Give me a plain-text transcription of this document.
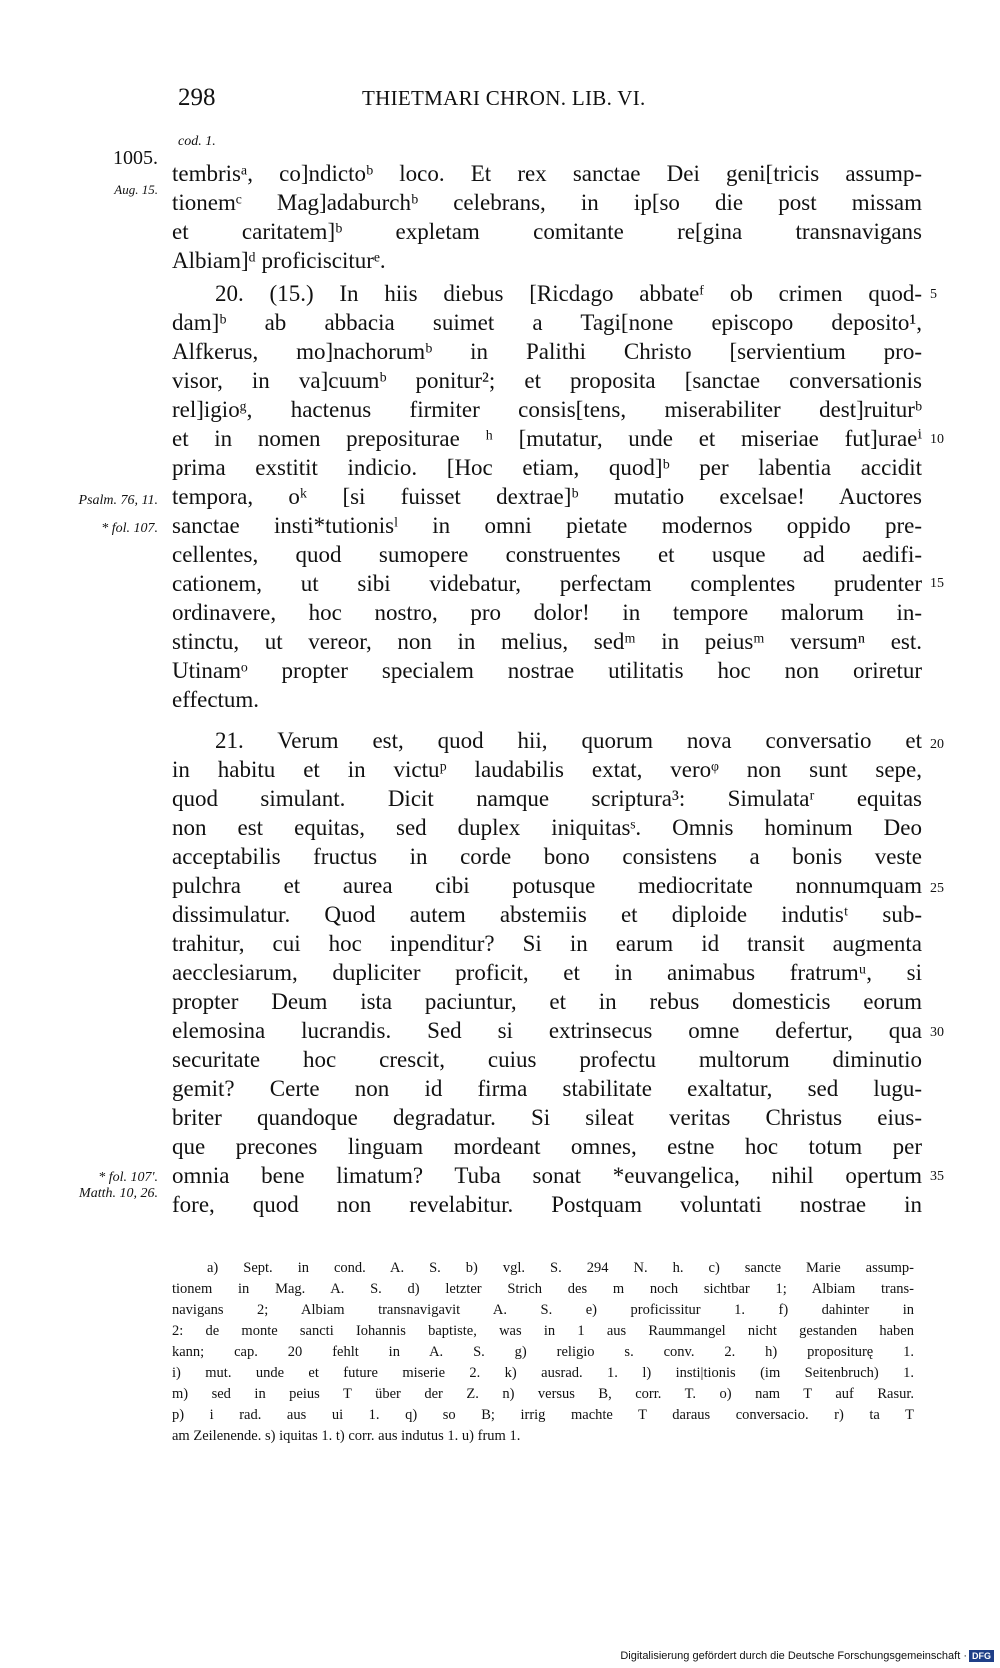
298	THIETMARI CHRON. LIB. VI.
cod. 1.
1005.
Aug. 15.
Psalm. 76, 11.
* fol. 107.
* fol. 107'.
Matth. 10, 26.
5
10
15
20
25
30
35
tembrisᵃ, co]ndictoᵇ loco. Et rex sanctae Dei geni[tricis assump-
tionemᶜ Mag]adaburchᵇ celebrans, in ip[so die post missam
et caritatem]ᵇ expletam comitante re[gina transnavigans
Albiam]ᵈ proficisciturᵉ.
20. (15.) In hiis diebus [Ricdago abbateᶠ ob crimen quod-
dam]ᵇ ab abbacia suimet a Tagi[none episcopo deposito¹,
Alfkerus, mo]nachorumᵇ in Palithi Christo [servientium pro-
visor, in va]cuumᵇ ponitur²; et proposita [sanctae conversationis
rel]igioᵍ, hactenus firmiter consis[tens, miserabiliter dest]ruiturᵇ
et in nomen prepositurae ʰ [mutatur, unde et miseriae fut]uraeⁱ
prima exstitit indicio. [Hoc etiam, quod]ᵇ per labentia accidit
tempora, oᵏ [si fuisset dextrae]ᵇ mutatio excelsae! Auctores
sanctae insti*tutionisˡ in omni pietate modernos oppido pre-
cellentes, quod sumopere construentes et usque ad aedifi-
cationem, ut sibi videbatur, perfectam complentes prudenter
ordinavere, hoc nostro, pro dolor! in tempore malorum in-
stinctu, ut vereor, non in melius, sedᵐ in peiusᵐ versumⁿ est.
Utinamᵒ propter specialem nostrae utilitatis hoc non oriretur
effectum.
21. Verum est, quod hii, quorum nova conversatio et
in habitu et in victuᵖ laudabilis extat, veroᵠ non sunt sepe,
quod simulant. Dicit namque scriptura³: Simulataʳ equitas
non est equitas, sed duplex iniquitasˢ. Omnis hominum Deo
acceptabilis fructus in corde bono consistens a bonis veste
pulchra et aurea cibi potusque mediocritate nonnumquam
dissimulatur. Quod autem abstemiis et diploide indutisᵗ sub-
trahitur, cui hoc inpenditur? Si in earum id transit augmenta
aecclesiarum, dupliciter proficit, et in animabus fratrumᵘ, si
propter Deum ista paciuntur, et in rebus domesticis eorum
elemosina lucrandis. Sed si extrinsecus omne defertur, qua
securitate hoc crescit, cuius profectu multorum diminutio
gemit? Certe non id firma stabilitate exaltatur, sed lugu-
briter quandoque degradatur. Si sileat veritas Christus eius-
que precones linguam mordeant omnes, estne hoc totum per
omnia bene limatum? Tuba sonat *euvangelica, nihil opertum
fore, quod non revelabitur. Postquam voluntati nostrae in
a) Sept. in cond. A. S. b) vgl. S. 294 N. h. c) sancte Marie assump-
tionem in Mag. A. S. d) letzter Strich des m noch sichtbar 1; Albiam trans-
navigans 2; Albiam transnavigavit A. S. e) proficissitur 1. f) dahinter in
2: de monte sancti Iohannis baptiste, was in 1 aus Raummangel nicht gestanden haben
kann; cap. 20 fehlt in A. S. g) religio s. conv. 2. h) propositurę 1.
i) mut. unde et future miserie 2. k) ausrad. 1. l) insti|tionis (im Seitenbruch) 1.
m) sed in peius T über der Z. n) versus B, corr. T. o) nam T auf Rasur.
p) i rad. aus ui 1. q) so B; irrig machte T daraus conversacio. r) ta T
am Zeilenende. s) iquitas 1. t) corr. aus indutus 1. u) frum 1.
Digitalisierung gefördert durch die Deutsche Forschungsgemeinschaft · DFG
